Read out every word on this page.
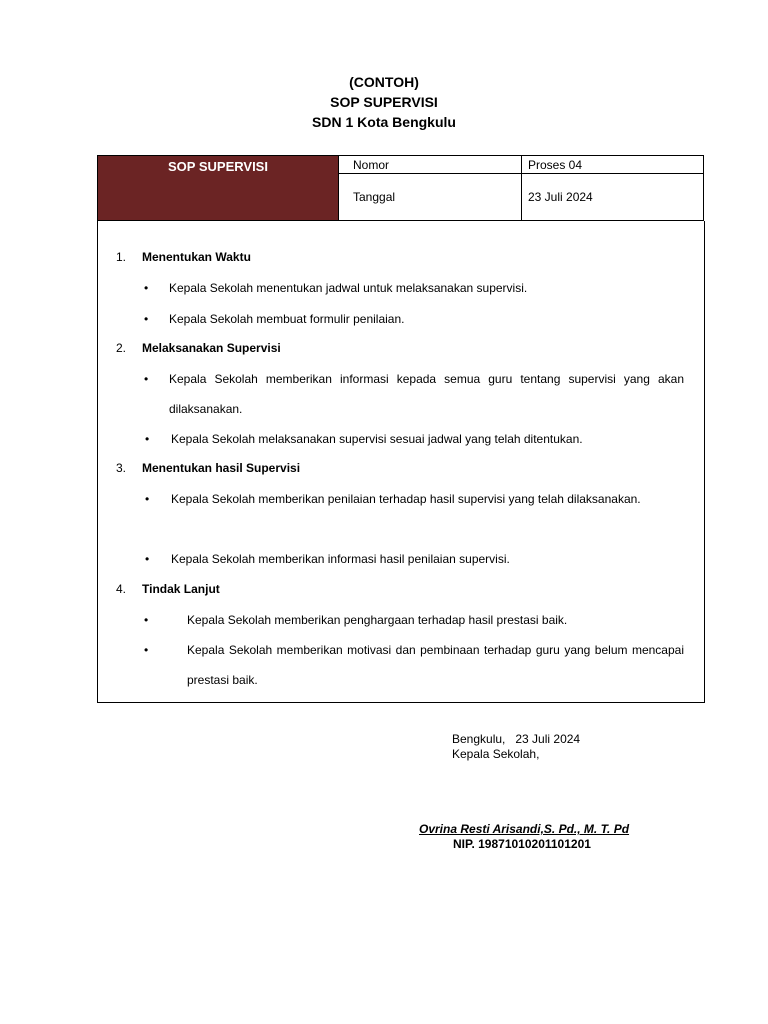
(CONTOH)
SOP SUPERVISI
SDN 1 Kota Bengkulu
SOP SUPERVISI	Nomor	Proses 04
	Tanggal	23 Juli 2024
1. Menentukan Waktu
• Kepala Sekolah menentukan jadwal untuk melaksanakan supervisi.
• Kepala Sekolah membuat formulir penilaian.
2. Melaksanakan Supervisi
• Kepala Sekolah memberikan informasi kepada semua guru tentang supervisi yang akan dilaksanakan.
• Kepala Sekolah melaksanakan supervisi sesuai jadwal yang telah ditentukan.
3. Menentukan hasil Supervisi
• Kepala Sekolah memberikan penilaian terhadap hasil supervisi yang telah dilaksanakan.
• Kepala Sekolah memberikan informasi hasil penilaian supervisi.
4. Tindak Lanjut
•	Kepala Sekolah memberikan penghargaan terhadap hasil prestasi baik.
•	Kepala Sekolah memberikan motivasi dan pembinaan terhadap guru yang belum mencapai prestasi baik.
Bengkulu,   23 Juli 2024
Kepala Sekolah,
Ovrina Resti Arisandi,S. Pd., M. T. Pd
NIP. 19871010201101201
